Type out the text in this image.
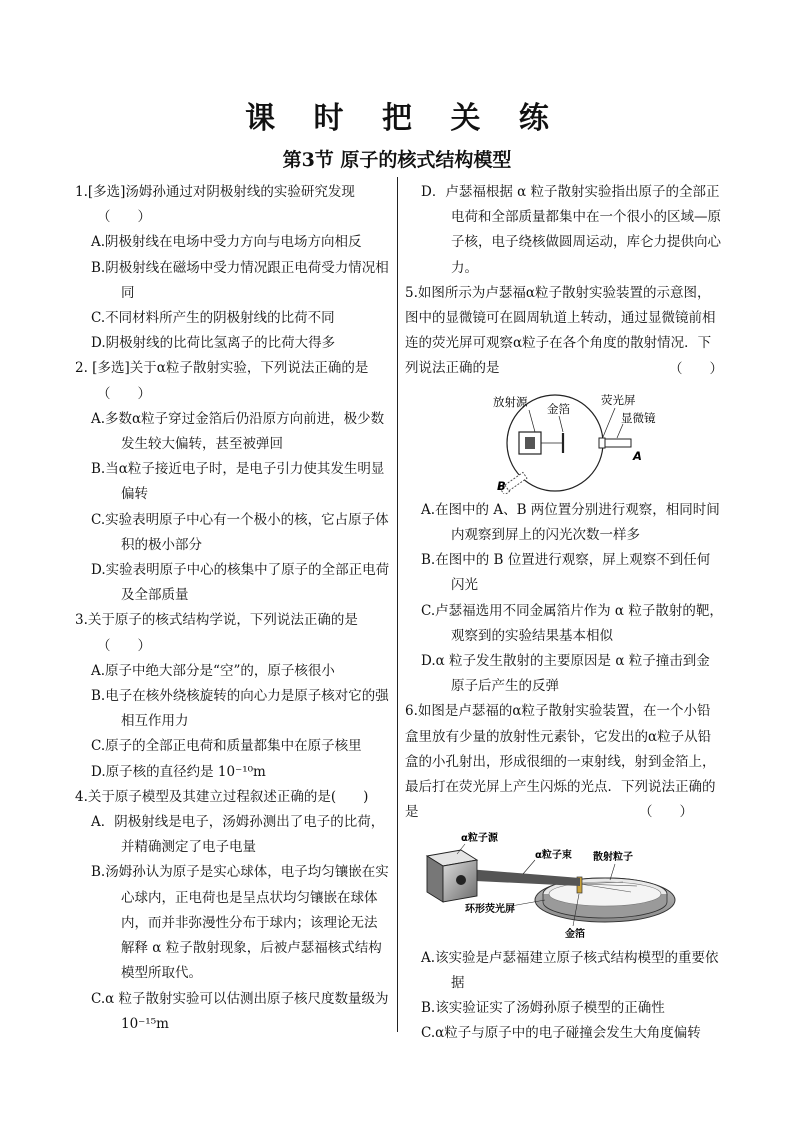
课 时 把 关 练
第3节 原子的核式结构模型

1.[多选]汤姆孙通过对阴极射线的实验研究发现

（　　）

A.阴极射线在电场中受力方向与电场方向相反

B.阴极射线在磁场中受力情况跟正电荷受力情况相同

C.不同材料所产生的阴极射线的比荷不同

D.阴极射线的比荷比氢离子的比荷大得多

2. [多选]关于α粒子散射实验，下列说法正确的是

（　　）

A.多数α粒子穿过金箔后仍沿原方向前进，极少数发生较大偏转，甚至被弹回

B.当α粒子接近电子时，是电子引力使其发生明显偏转

C.实验表明原子中心有一个极小的核，它占原子体积的极小部分

D.实验表明原子中心的核集中了原子的全部正电荷及全部质量

3.关于原子的核式结构学说，下列说法正确的是

（　　）

A.原子中绝大部分是“空”的，原子核很小

B.电子在核外绕核旋转的向心力是原子核对它的强相互作用力

C.原子的全部正电荷和质量都集中在原子核里

D.原子核的直径约是 10⁻¹⁰m

4.关于原子模型及其建立过程叙述正确的是(　　)

A．阴极射线是电子，汤姆孙测出了电子的比荷，并精确测定了电子电量

B.汤姆孙认为原子是实心球体，电子均匀镶嵌在实心球内，正电荷也是呈点状均匀镶嵌在球体内，而并非弥漫性分布于球内；该理论无法解释 α 粒子散射现象，后被卢瑟福核式结构模型所取代。

C.α 粒子散射实验可以估测出原子核尺度数量级为 10⁻¹⁵m

D．卢瑟福根据 α 粒子散射实验指出原子的全部正电荷和全部质量都集中在一个很小的区域—原子核，电子绕核做圆周运动，库仑力提供向心力。

5.如图所示为卢瑟福α粒子散射实验装置的示意图，图中的显微镜可在圆周轨道上转动，通过显微镜前相连的荧光屏可观察α粒子在各个角度的散射情况．下列说法正确的是	（　　）

放射源 金箔
荧光屏
显微镜
A
B

A.在图中的 A、B 两位置分别进行观察，相同时间内观察到屏上的闪光次数一样多

B.在图中的 B 位置进行观察，屏上观察不到任何闪光

C.卢瑟福选用不同金属箔片作为 α 粒子散射的靶，观察到的实验结果基本相似

D.α 粒子发生散射的主要原因是 α 粒子撞击到金原子后产生的反弹

6.如图是卢瑟福的α粒子散射实验装置，在一个小铅盒里放有少量的放射性元素钋，它发出的α粒子从铅盒的小孔射出，形成很细的一束射线，射到金箔上，最后打在荧光屏上产生闪烁的光点．下列说法正确的是	（　　）

α粒子源
α粒子束 散射粒子
环形荧光屏
金箔

A.该实验是卢瑟福建立原子核式结构模型的重要依据

B.该实验证实了汤姆孙原子模型的正确性

C.α粒子与原子中的电子碰撞会发生大角度偏转
